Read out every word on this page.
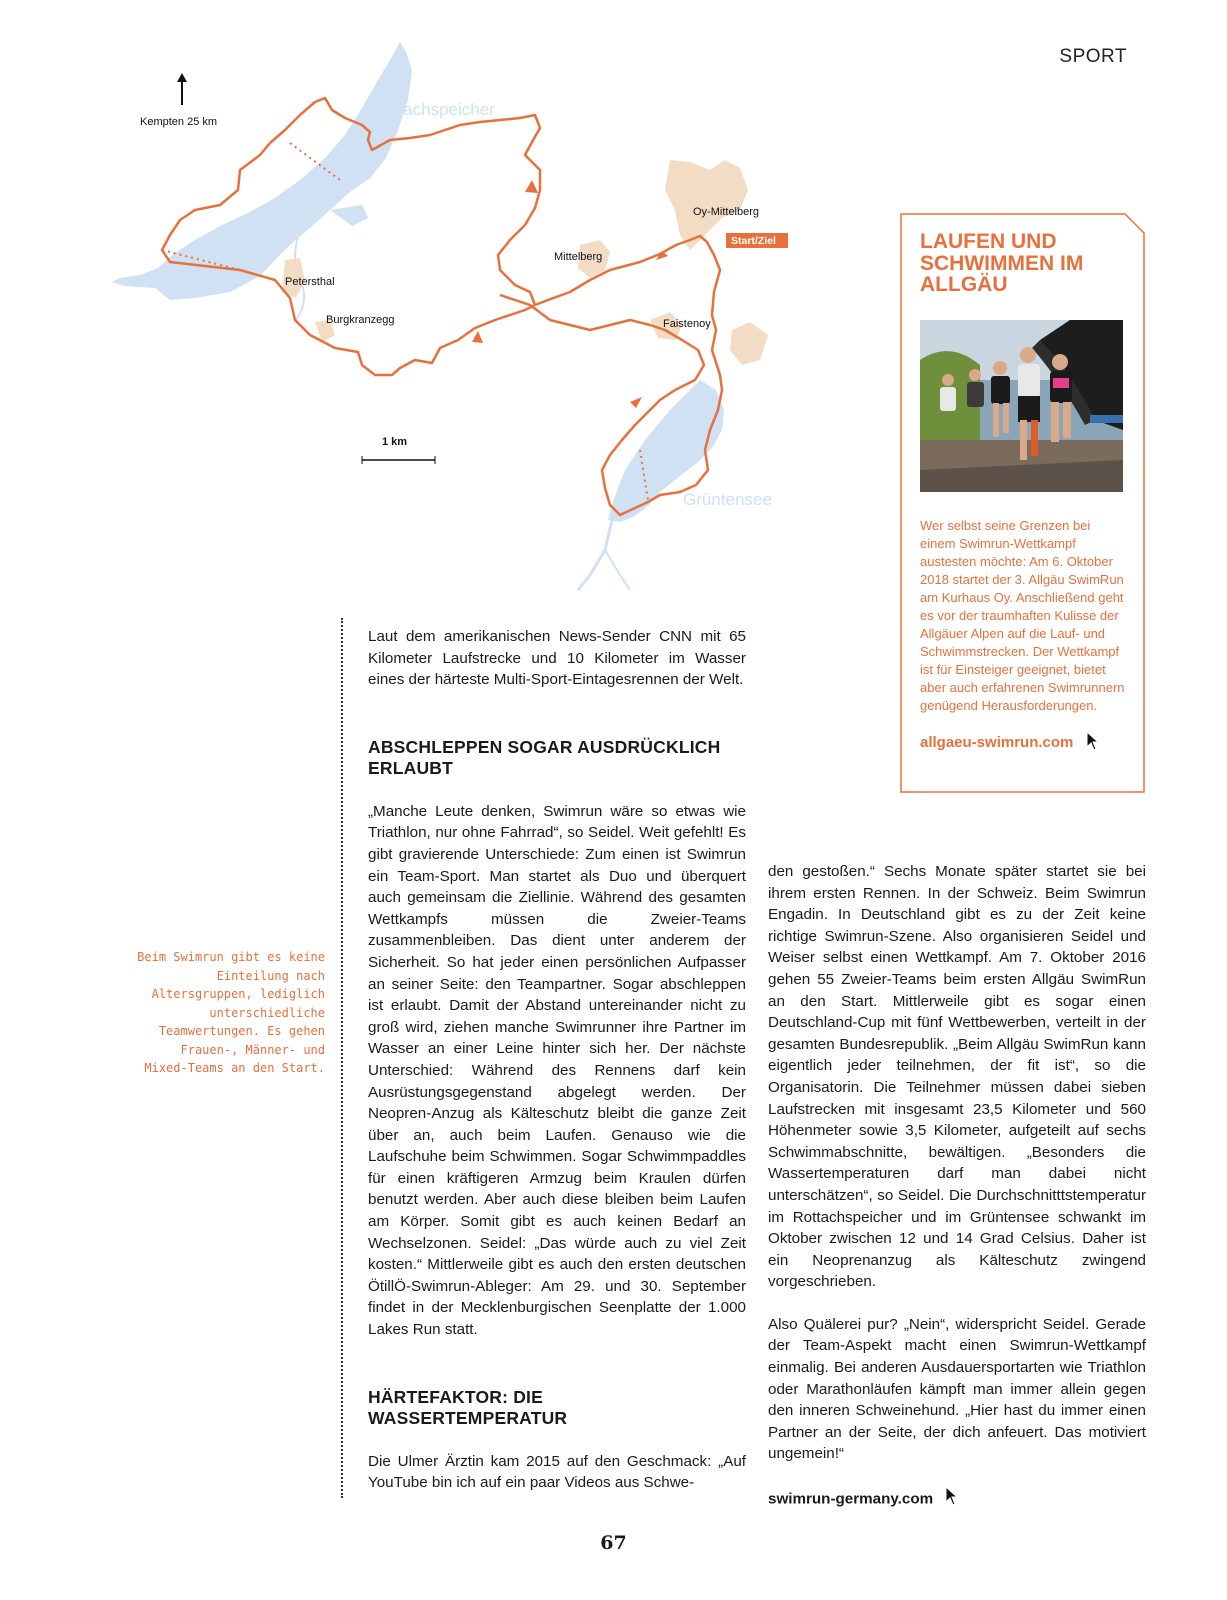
SPORT
Kempten 25 km
1 km
Rottachspeicher
Grüntensee
Oy-Mittelberg
Mittelberg
Petersthal
Burgkranzegg	Faistenoy
Start/Ziel

Beim Swimrun gibt es keine Einteilung nach Altersgruppen, lediglich unterschiedliche Teamwertungen. Es gehen Frauen-, Männer- und Mixed-Teams an den Start.

Laut dem amerikanischen News-Sender CNN mit 65 Kilometer Laufstrecke und 10 Kilometer im Wasser eines der härteste Multi-Sport-Eintagesrennen der Welt.

ABSCHLEPPEN SOGAR AUSDRÜCKLICH ERLAUBT

„Manche Leute denken, Swimrun wäre so etwas wie Triathlon, nur ohne Fahrrad“, so Seidel. Weit gefehlt! Es gibt gravierende Unterschiede: Zum einen ist Swimrun ein Team-Sport. Man startet als Duo und überquert auch gemeinsam die Ziellinie. Während des gesamten Wettkampfs müssen die Zweier-Teams zusammenbleiben. Das dient unter anderem der Sicherheit. So hat jeder einen persönlichen Aufpasser an seiner Seite: den Teampartner. Sogar abschleppen ist erlaubt. Damit der Abstand untereinander nicht zu groß wird, ziehen manche Swimrunner ihre Partner im Wasser an einer Leine hinter sich her. Der nächste Unterschied: Während des Rennens darf kein Ausrüstungsgegenstand abgelegt werden. Der Neopren-Anzug als Kälteschutz bleibt die ganze Zeit über an, auch beim Laufen. Genauso wie die Laufschuhe beim Schwimmen. Sogar Schwimmpaddles für einen kräftigeren Armzug beim Kraulen dürfen benutzt werden. Aber auch diese bleiben beim Laufen am Körper. Somit gibt es auch keinen Bedarf an Wechselzonen. Seidel: „Das würde auch zu viel Zeit kosten.“ Mittlerweile gibt es auch den ersten deutschen ÖtillÖ-Swimrun-Ableger: Am 29. und 30. September findet in der Mecklenburgischen Seenplatte der 1.000 Lakes Run statt.

HÄRTEFAKTOR: DIE WASSERTEMPERATUR

Die Ulmer Ärztin kam 2015 auf den Geschmack: „Auf YouTube bin ich auf ein paar Videos aus Schwe-

den gestoßen.“ Sechs Monate später startet sie bei ihrem ersten Rennen. In der Schweiz. Beim Swimrun Engadin. In Deutschland gibt es zu der Zeit keine richtige Swimrun-Szene. Also organisieren Seidel und Weiser selbst einen Wettkampf. Am 7. Oktober 2016 gehen 55 Zweier-Teams beim ersten Allgäu SwimRun an den Start. Mittlerweile gibt es sogar einen Deutschland-Cup mit fünf Wettbewerben, verteilt in der gesamten Bundesrepublik. „Beim Allgäu SwimRun kann eigentlich jeder teilnehmen, der fit ist“, so die Organisatorin. Die Teilnehmer müssen dabei sieben Laufstrecken mit insgesamt 23,5 Kilometer und 560 Höhenmeter sowie 3,5 Kilometer, aufgeteilt auf sechs Schwimmabschnitte, bewältigen. „Besonders die Wassertemperaturen darf man dabei nicht unterschätzen“, so Seidel. Die Durchschnitttstemperatur im Rottachspeicher und im Grüntensee schwankt im Oktober zwischen 12 und 14 Grad Celsius. Daher ist ein Neoprenanzug als Kälteschutz zwingend vorgeschrieben.

Also Quälerei pur? „Nein“, widerspricht Seidel. Gerade der Team-Aspekt macht einen Swimrun-Wettkampf einmalig. Bei anderen Ausdauersportarten wie Triathlon oder Marathonläufen kämpft man immer allein gegen den inneren Schweinehund. „Hier hast du immer einen Partner an der Seite, der dich anfeuert. Das motiviert ungemein!“

swimrun-germany.com
LAUFEN UND SCHWIMMEN IM ALLGÄU

Wer selbst seine Grenzen bei einem Swimrun-Wettkampf austesten möchte: Am 6. Oktober 2018 startet der 3. Allgäu SwimRun am Kurhaus Oy. Anschließend geht es vor der traumhaften Kulisse der Allgäuer Alpen auf die Lauf- und Schwimmstrecken. Der Wettkampf ist für Einsteiger geeignet, bietet aber auch erfahrenen Swimrunnern genügend Herausforderungen.

allgaeu-swimrun.com
67
